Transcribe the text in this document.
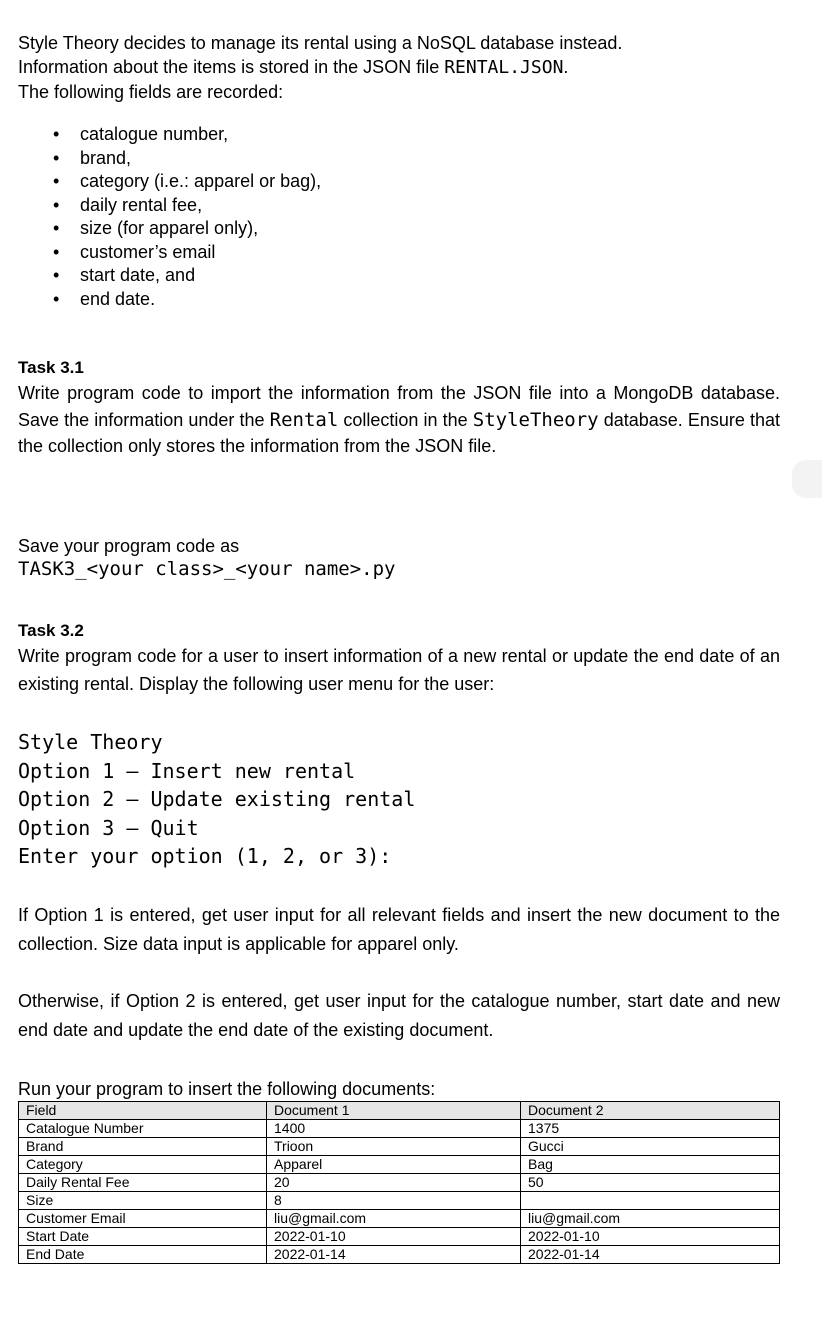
Style Theory decides to manage its rental using a NoSQL database instead.

Information about the items is stored in the JSON file RENTAL.JSON.

The following fields are recorded:

• catalogue number,
• brand,
• category (i.e.: apparel or bag),
• daily rental fee,
• size (for apparel only),
• customer’s email
• start date, and
• end date.

Task 3.1

Write program code to import the information from the JSON file into a MongoDB database. Save the information under the Rental collection in the StyleTheory database. Ensure that the collection only stores the information from the JSON file.

Save your program code as

TASK3_<your class>_<your name>.py

Task 3.2

Write program code for a user to insert information of a new rental or update the end date of an existing rental. Display the following user menu for the user:

Style Theory

Option 1 – Insert new rental

Option 2 – Update existing rental

Option 3 – Quit

Enter your option (1, 2, or 3):

If Option 1 is entered, get user input for all relevant fields and insert the new document to the collection. Size data input is applicable for apparel only.

Otherwise, if Option 2 is entered, get user input for the catalogue number, start date and new end date and update the end date of the existing document.

Run your program to insert the following documents:

Field	Document 1	Document 2
Catalogue Number	1400	1375
Brand	Trioon	Gucci
Category	Apparel	Bag
Daily Rental Fee	20	50
Size	8	
Customer Email	liu@gmail.com	liu@gmail.com
Start Date	2022-01-10	2022-01-10
End Date	2022-01-14	2022-01-14
